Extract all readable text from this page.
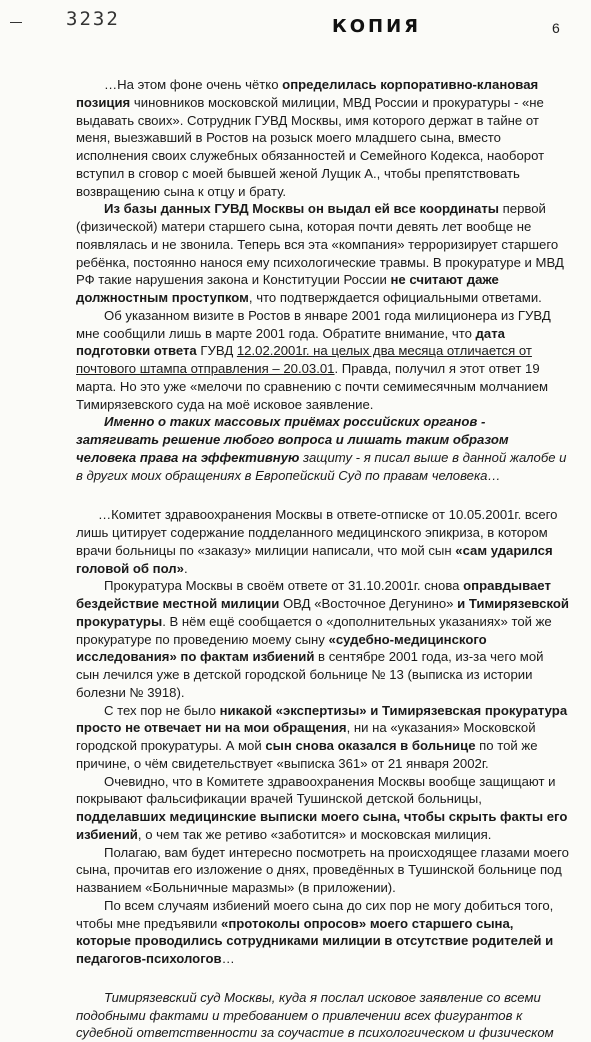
3232	КОПИЯ	6

…На этом фоне очень чётко определилась корпоративно-клановая позиция чиновников московской милиции, МВД России и прокуратуры - «не выдавать своих». Сотрудник ГУВД Москвы, имя которого держат в тайне от меня, выезжавший в Ростов на розыск моего младшего сына, вместо исполнения своих служебных обязанностей и Семейного Кодекса, наоборот вступил в сговор с моей бывшей женой Лущик А., чтобы препятствовать возвращению сына к отцу и брату.

Из базы данных ГУВД Москвы он выдал ей все координаты первой (физической) матери старшего сына, которая почти девять лет вообще не появлялась и не звонила. Теперь вся эта «компания» терроризирует старшего ребёнка, постоянно нанося ему психологические травмы. В прокуратуре и МВД РФ такие нарушения закона и Конституции России не считают даже должностным проступком, что подтверждается официальными ответами.

Об указанном визите в Ростов в январе 2001 года милиционера из ГУВД мне сообщили лишь в марте 2001 года. Обратите внимание, что дата подготовки ответа ГУВД 12.02.2001г. на целых два месяца отличается от почтового штампа отправления – 20.03.01. Правда, получил я этот ответ 19 марта. Но это уже «мелочи по сравнению с почти семимесячным молчанием Тимирязевского суда на моё исковое заявление.

Именно о таких массовых приёмах российских органов - затягивать решение любого вопроса и лишать таким образом человека права на эффективную защиту - я писал выше в данной жалобе и в других моих обращениях в Европейский Суд по правам человека…

…Комитет здравоохранения Москвы в ответе-отписке от 10.05.2001г. всего лишь цитирует содержание подделанного медицинского эпикриза, в котором врачи больницы по «заказу» милиции написали, что мой сын «сам ударился головой об пол».

Прокуратура Москвы в своём ответе от 31.10.2001г. снова оправдывает бездействие местной милиции ОВД «Восточное Дегунино» и Тимирязевской прокуратуры. В нём ещё сообщается о «дополнительных указаниях» той же прокуратуре по проведению моему сыну «судебно-медицинского исследования» по фактам избиений в сентябре 2001 года, из-за чего мой сын лечился уже в детской городской больнице № 13 (выписка из истории болезни № 3918).

С тех пор не было никакой «экспертизы» и Тимирязевская прокуратура просто не отвечает ни на мои обращения, ни на «указания» Московской городской прокуратуры. А мой сын снова оказался в больнице по той же причине, о чём свидетельствует «выписка 361» от 21 января 2002г.

Очевидно, что в Комитете здравоохранения Москвы вообще защищают и покрывают фальсификации врачей Тушинской детской больницы, подделавших медицинские выписки моего сына, чтобы скрыть факты его избиений, о чем так же ретиво «заботится» и московская милиция.

Полагаю, вам будет интересно посмотреть на происходящее глазами моего сына, прочитав его изложение о днях, проведённых в Тушинской больнице под названием «Больничные маразмы» (в приложении).

По всем случаям избиений моего сына до сих пор не могу добиться того, чтобы мне предъявили «протоколы опросов» моего старшего сына, которые проводились сотрудниками милиции в отсутствие родителей и педагогов-психологов…

Тимирязевский суд Москвы, куда я послал исковое заявление со всеми подобными фактами и требованием о привлечении всех фигурантов к судебной ответственности за соучастие в психологическом и физическом
